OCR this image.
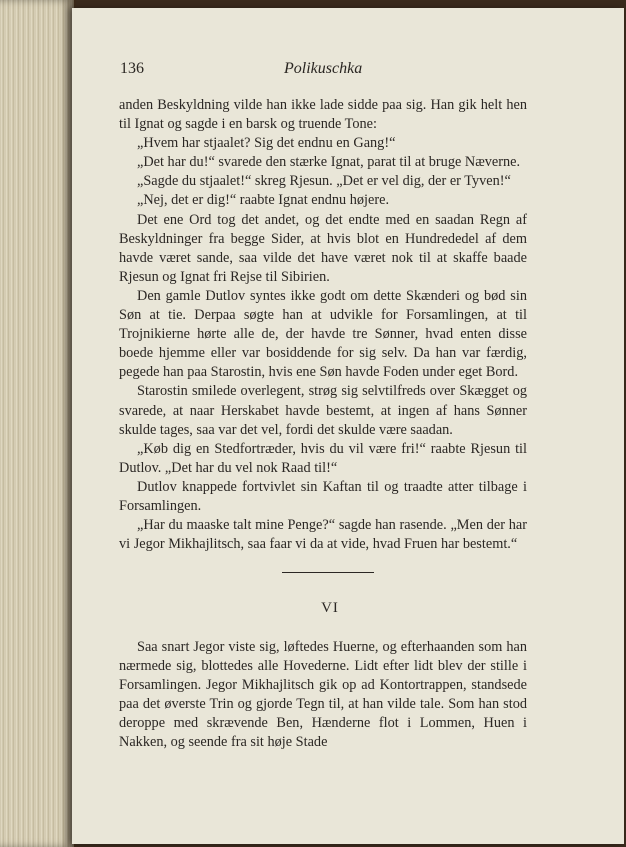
136	Polikuschka

anden Beskyldning vilde han ikke lade sidde paa sig. Han gik helt hen til Ignat og sagde i en barsk og truende Tone:

„Hvem har stjaalet? Sig det endnu en Gang!“

„Det har du!“ svarede den stærke Ignat, parat til at bruge Næverne.

„Sagde du stjaalet!“ skreg Rjesun. „Det er vel dig, der er Tyven!“

„Nej, det er dig!“ raabte Ignat endnu højere.

Det ene Ord tog det andet, og det endte med en saadan Regn af Beskyldninger fra begge Sider, at hvis blot en Hundrededel af dem havde været sande, saa vilde det have været nok til at skaffe baade Rjesun og Ignat fri Rejse til Sibirien.

Den gamle Dutlov syntes ikke godt om dette Skænderi og bød sin Søn at tie. Derpaa søgte han at udvikle for Forsamlingen, at til Trojnikierne hørte alle de, der havde tre Sønner, hvad enten disse boede hjemme eller var bosiddende for sig selv. Da han var færdig, pegede han paa Starostin, hvis ene Søn havde Foden under eget Bord.

Starostin smilede overlegent, strøg sig selvtilfreds over Skægget og svarede, at naar Herskabet havde bestemt, at ingen af hans Sønner skulde tages, saa var det vel, fordi det skulde være saadan.

„Køb dig en Stedfortræder, hvis du vil være fri!“ raabte Rjesun til Dutlov. „Det har du vel nok Raad til!“

Dutlov knappede fortvivlet sin Kaftan til og traadte atter tilbage i Forsamlingen.

„Har du maaske talt mine Penge?“ sagde han rasende. „Men der har vi Jegor Mikhajlitsch, saa faar vi da at vide, hvad Fruen har bestemt.“

VI

Saa snart Jegor viste sig, løftedes Huerne, og efterhaanden som han nærmede sig, blottedes alle Hovederne. Lidt efter lidt blev der stille i Forsamlingen. Jegor Mikhajlitsch gik op ad Kontortrappen, standsede paa det øverste Trin og gjorde Tegn til, at han vilde tale. Som han stod deroppe med skrævende Ben, Hænderne flot i Lommen, Huen i Nakken, og seende fra sit høje Stade
